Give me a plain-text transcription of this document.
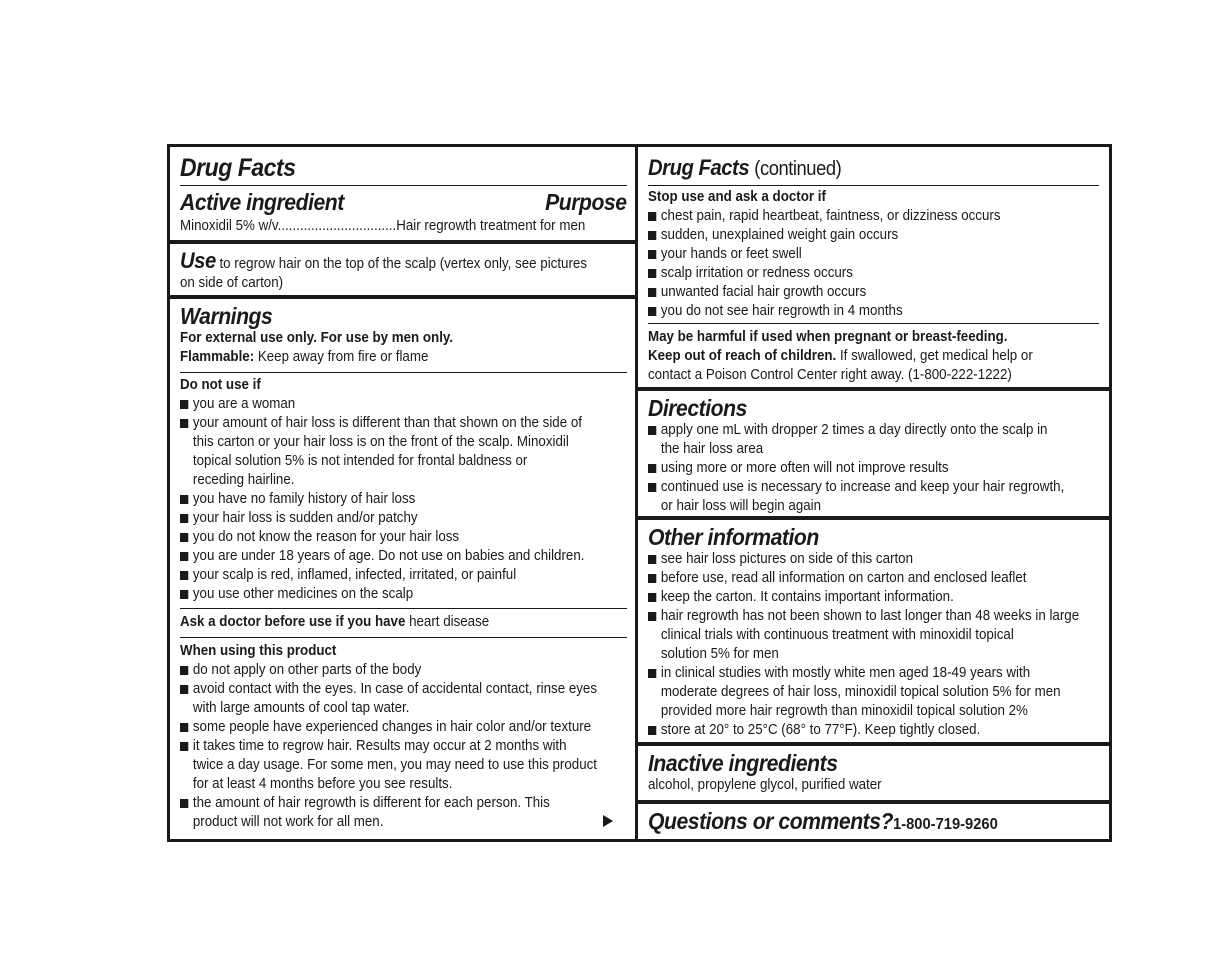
Drug Facts
Active ingredient	Purpose
Minoxidil 5% w/v................................Hair regrowth treatment for men
Use to regrow hair on the top of the scalp (vertex only, see pictures
on side of carton)
Warnings
For external use only. For use by men only.
Flammable: Keep away from fire or flame
Do not use if
you are a woman
your amount of hair loss is different than that shown on the side of
this carton or your hair loss is on the front of the scalp. Minoxidil
topical solution 5% is not intended for frontal baldness or
receding hairline.
you have no family history of hair loss
your hair loss is sudden and/or patchy
you do not know the reason for your hair loss
you are under 18 years of age. Do not use on babies and children.
your scalp is red, inflamed, infected, irritated, or painful
you use other medicines on the scalp
Ask a doctor before use if you have heart disease
When using this product
do not apply on other parts of the body
avoid contact with the eyes. In case of accidental contact, rinse eyes
with large amounts of cool tap water.
some people have experienced changes in hair color and/or texture
it takes time to regrow hair. Results may occur at 2 months with
twice a day usage. For some men, you may need to use this product
for at least 4 months before you see results.
the amount of hair regrowth is different for each person. This
product will not work for all men.
Drug Facts (continued)
Stop use and ask a doctor if
chest pain, rapid heartbeat, faintness, or dizziness occurs
sudden, unexplained weight gain occurs
your hands or feet swell
scalp irritation or redness occurs
unwanted facial hair growth occurs
you do not see hair regrowth in 4 months
May be harmful if used when pregnant or breast-feeding.
Keep out of reach of children. If swallowed, get medical help or
contact a Poison Control Center right away. (1-800-222-1222)
Directions
apply one mL with dropper 2 times a day directly onto the scalp in
the hair loss area
using more or more often will not improve results
continued use is necessary to increase and keep your hair regrowth,
or hair loss will begin again
Other information
see hair loss pictures on side of this carton
before use, read all information on carton and enclosed leaflet
keep the carton. It contains important information.
hair regrowth has not been shown to last longer than 48 weeks in large
clinical trials with continuous treatment with minoxidil topical
solution 5% for men
in clinical studies with mostly white men aged 18-49 years with
moderate degrees of hair loss, minoxidil topical solution 5% for men
provided more hair regrowth than minoxidil topical solution 2%
store at 20° to 25°C (68° to 77°F). Keep tightly closed.
Inactive ingredients
alcohol, propylene glycol, purified water
Questions or comments?1-800-719-9260
